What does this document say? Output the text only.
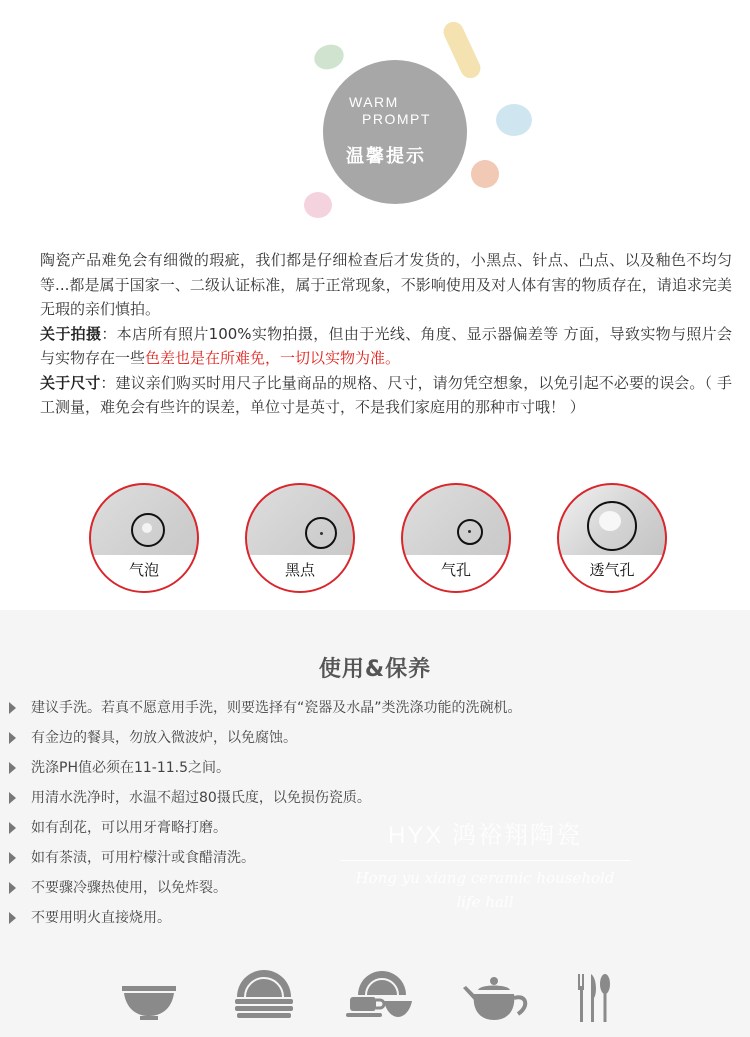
WARM

PROMPT
温馨提示

陶瓷产品难免会有细微的瑕疵，我们都是仔细检查后才发货的，小黑点、针点、凸点、以及釉色不均匀等...都是属于国家一、二级认证标准，属于正常现象，不影响使用及对人体有害的物质存在，请追求完美无瑕的亲们慎拍。

关于拍摄：本店所有照片100%实物拍摄，但由于光线、角度、显示器偏差等 方面，导致实物与照片会与实物存在一些色差也是在所难免，一切以实物为准。

关于尺寸：建议亲们购买时用尺子比量商品的规格、尺寸，请勿凭空想象，以免引起不必要的误会。（ 手工测量，难免会有些许的误差，单位寸是英寸，不是我们家庭用的那种市寸哦！ ）

气泡	黑点	气孔	透气孔
使用&保养
HYX 鸿裕翔陶瓷
Hong yu xiang ceramic household
life hall
建议手洗。若真不愿意用手洗，则要选择有“瓷器及水晶”类洗涤功能的洗碗机。
有金边的餐具，勿放入微波炉，以免腐蚀。
洗涤PH值必须在11-11.5之间。
用清水洗净时，水温不超过80摄氏度，以免损伤瓷质。
如有刮花，可以用牙膏略打磨。
如有茶渍，可用柠檬汁或食醋清洗。
不要骤冷骤热使用，以免炸裂。
不要用明火直接烧用。
